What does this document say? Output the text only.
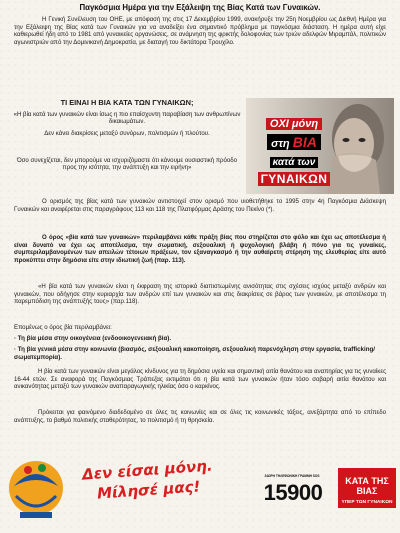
Παγκόσμια Ημέρα για την Εξάλειψη της Βίας Κατά των Γυναικών.

Η Γενική Συνέλευση του ΟΗΕ, με απόφασή της στις 17 Δεκεμβρίου 1999, ανακήρυξε την 25η Νοεμβρίου ως Διεθνή Ημέρα για την Εξάλειψη της Βίας κατά των Γυναικών για να αναδείξει ένα σημαντικό πρόβλημα με παγκόσμια διάσταση. Η ημέρα αυτή είχε καθιερωθεί ήδη από το 1981 από γυναικείες οργανώσεις, σε ανάμνηση της φρικτής δολοφονίας των τριών αδελφών Μιραμπάλ, πολιτικών αγωνιστριών από την Δομινικανή Δημοκρατία, με διαταγή του δικτάτορα Τρουχίλο.

ΤΙ ΕΙΝΑΙ Η ΒΙΑ ΚΑΤΑ ΤΩΝ ΓΥΝΑΙΚΩΝ;

«Η βία κατά των γυναικών είναι ίσως η πιο επαίσχυντη παραβίαση των ανθρωπίνων δικαιωμάτων.

Δεν κάνει διακρίσεις μεταξύ συνόρων, πολιτισμών ή πλούτου.

Όσο συνεχίζεται, δεν μπορούμε να ισχυριζόμαστε ότι κάνουμε ουσιαστική πρόοδο προς την ισότητα, την ανάπτυξη και την ειρήνη»

ΟΧΙ μόνη
στη ΒΙΑ
κατά των
ΓΥΝΑΙΚΩΝ

Ο ορισμός της βίας κατά των γυναικών αντιστοιχεί στον ορισμό που υιοθετήθηκε το 1995 στην 4η Παγκόσμια Διάσκεψη Γυναικών και αναφέρεται στις παραγράφους 113 και 118 της Πλατφόρμας Δράσης του Πεκίνο (*).

Ο όρος «βία κατά των γυναικών» περιλαμβάνει κάθε πράξη βίας που στηρίζεται στο φύλο και έχει ως αποτέλεσμα ή είναι δυνατό να έχει ως αποτέλεσμα, την σωματική, σεξουαλική ή ψυχολογική βλάβη ή πόνο για τις γυναίκες, συμπεριλαμβανομένων των απειλών τέτοιων πράξεων, τον εξαναγκασμό ή την αυθαίρετη στέρηση της ελευθερίας είτε αυτό προκύπτει στην δημόσια είτε στην ιδιωτική ζωή (παρ. 113).

«Η βία κατά των γυναικών είναι η έκφραση της ιστορικά διαπιστωμένης ανισότητας στις σχέσεις ισχύος μεταξύ ανδρών και γυναικών, που οδήγησε στην κυριαρχία των ανδρών επί των γυναικών και στις διακρίσεις σε βάρος των γυναικών, με αποτέλεσμα τη παρεμπόδιση της ανάπτυξής τους» (παρ.118).

Επομένως ο όρος βία περιλαμβάνει:

· Τη βία μέσα στην οικογένεια (ενδοοικογενειακή βία).

· Τη βία γενικά μέσα στην κοινωνία (βιασμός, σεξουαλική κακοποίηση, σεξουαλική παρενόχληση στην εργασία, trafficking/σωματεμπορία).

Η βία κατά των γυναικών είναι μεγάλος κίνδυνος για τη δημόσια υγεία και σημαντική αιτία θανάτου και αναπηρίας για τις γυναίκες 16-44 ετών. Σε αναφορά της Παγκόσμιας Τράπεζας εκτιμάται ότι η βία κατά των γυναικών ήταν τόσο σοβαρή αιτία θανάτου και ανικανότητας μεταξύ των γυναικών αναπαραγωγικής ηλικίας όσο ο καρκίνος.

Πρόκειται για φαινόμενο διαδεδομένο σε όλες τις κοινωνίες και σε όλες τις κοινωνικές τάξεις, ανεξάρτητα από το επίπεδο ανάπτυξης, το βαθμό πολιτικής σταθερότητας, το πολιτισμό ή τη θρησκεία.

Δεν είσαι μόνη.
Μίλησέ μας!
24ΩΡΗ ΤΗΛΕΦΩΝΙΚΗ ΓΡΑΜΜΗ SOS
15900	ΚΑΤΑ ΤΗΣ ΒΙΑΣ
ΥΠΕΡ ΤΩΝ ΓΥΝΑΙΚΩΝ
